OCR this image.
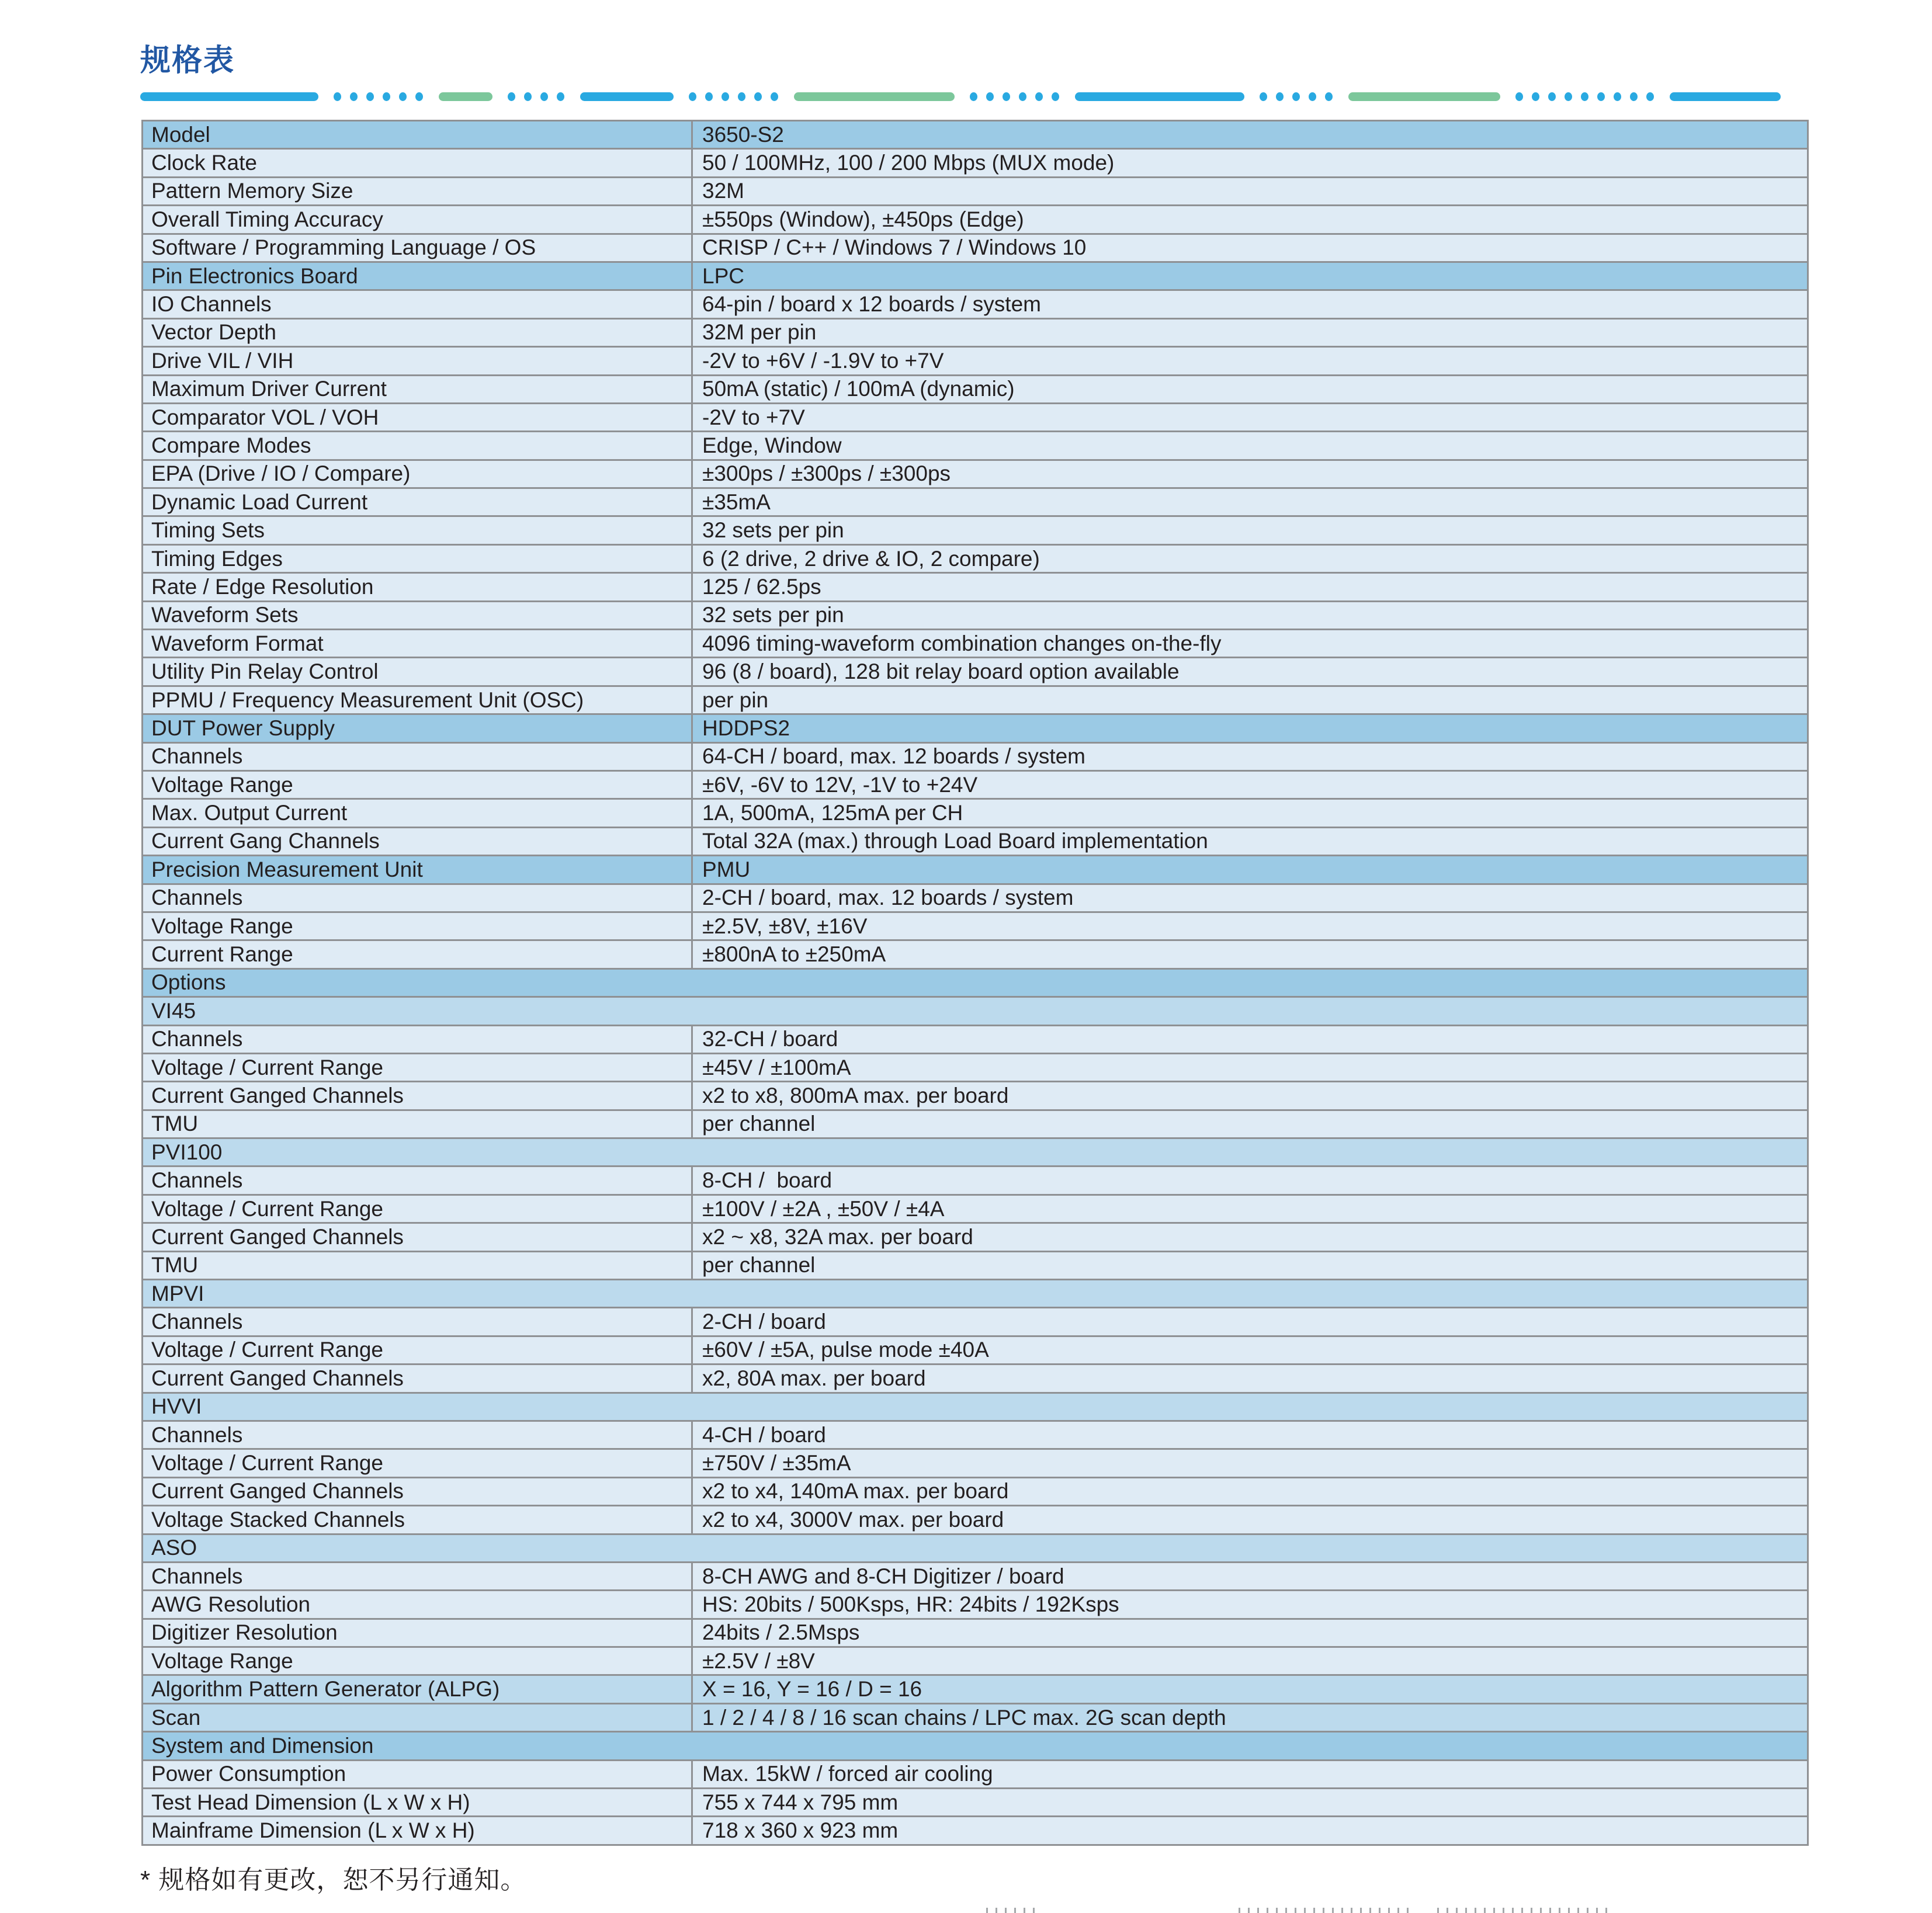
规格表
Model	3650-S2
Clock Rate	50 / 100MHz, 100 / 200 Mbps (MUX mode)
Pattern Memory Size	32M
Overall Timing Accuracy	±550ps (Window), ±450ps (Edge)
Software / Programming Language / OS	CRISP / C++ / Windows 7 / Windows 10
Pin Electronics Board	LPC
IO Channels	64-pin / board x 12 boards / system
Vector Depth	32M per pin
Drive VIL / VIH	-2V to +6V / -1.9V to +7V
Maximum Driver Current	50mA (static) / 100mA (dynamic)
Comparator VOL / VOH	-2V to +7V
Compare Modes	Edge, Window
EPA (Drive / IO / Compare)	±300ps / ±300ps / ±300ps
Dynamic Load Current	±35mA
Timing Sets	32 sets per pin
Timing Edges	6 (2 drive, 2 drive & IO, 2 compare)
Rate / Edge Resolution	125 / 62.5ps
Waveform Sets	32 sets per pin
Waveform Format	4096 timing-waveform combination changes on-the-fly
Utility Pin Relay Control	96 (8 / board), 128 bit relay board option available
PPMU / Frequency Measurement Unit (OSC)	per pin
DUT Power Supply	HDDPS2
Channels	64-CH / board, max. 12 boards / system
Voltage Range	±6V, -6V to 12V, -1V to +24V
Max. Output Current	1A, 500mA, 125mA per CH
Current Gang Channels	Total 32A (max.) through Load Board implementation
Precision Measurement Unit	PMU
Channels	2-CH / board, max. 12 boards / system
Voltage Range	±2.5V, ±8V, ±16V
Current Range	±800nA to ±250mA
Options	
VI45	
Channels	32-CH / board
Voltage / Current Range	±45V / ±100mA
Current Ganged Channels	x2 to x8, 800mA max. per board
TMU	per channel
PVI100	
Channels	8-CH /  board
Voltage / Current Range	±100V / ±2A , ±50V / ±4A
Current Ganged Channels	x2 ~ x8, 32A max. per board
TMU	per channel
MPVI	
Channels	2-CH / board
Voltage / Current Range	±60V / ±5A, pulse mode ±40A
Current Ganged Channels	x2, 80A max. per board
HVVI	
Channels	4-CH / board
Voltage / Current Range	±750V / ±35mA
Current Ganged Channels	x2 to x4, 140mA max. per board
Voltage Stacked Channels	x2 to x4, 3000V max. per board
ASO	
Channels	8-CH AWG and 8-CH Digitizer / board
AWG Resolution	HS: 20bits / 500Ksps, HR: 24bits / 192Ksps
Digitizer Resolution	24bits / 2.5Msps
Voltage Range	±2.5V / ±8V
Algorithm Pattern Generator (ALPG)	X = 16, Y = 16 / D = 16
Scan	1 / 2 / 4 / 8 / 16 scan chains / LPC max. 2G scan depth
System and Dimension	
Power Consumption	Max. 15kW / forced air cooling
Test Head Dimension (L x W x H)	755 x 744 x 795 mm
Mainframe Dimension (L x W x H)	718 x 360 x 923 mm
* 规格如有更改，恕不另行通知。
